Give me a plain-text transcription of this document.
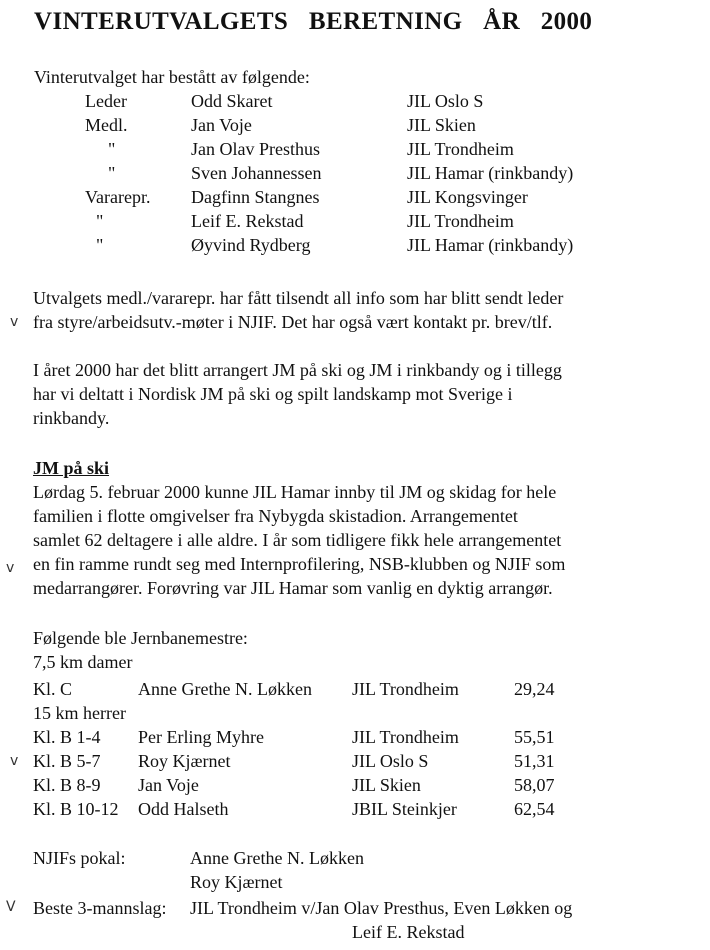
VINTERUTVALGETS BERETNING ÅR 2000
Vinterutvalget har bestått av følgende:
Leder	Odd Skaret	JIL Oslo S
Medl.	Jan Voje	JIL Skien
"	Jan Olav Presthus	JIL Trondheim
"	Sven Johannessen	JIL Hamar (rinkbandy)
Vararepr. Dagfinn Stangnes	JIL Kongsvinger
"	Leif E. Rekstad	JIL Trondheim
"	Øyvind Rydberg	JIL Hamar (rinkbandy)
Utvalgets medl./vararepr. har fått tilsendt all info som har blitt sendt leder
fra styre/arbeidsutv.-møter i NJIF. Det har også vært kontakt pr. brev/tlf.
I året 2000 har det blitt arrangert JM på ski og JM i rinkbandy og i tillegg
har vi deltatt i Nordisk JM på ski og spilt landskamp mot Sverige i
rinkbandy.
JM på ski
Lørdag 5. februar 2000 kunne JIL Hamar innby til JM og skidag for hele
familien i flotte omgivelser fra Nybygda skistadion. Arrangementet
samlet 62 deltagere i alle aldre. I år som tidligere fikk hele arrangementet
en fin ramme rundt seg med Internprofilering, NSB-klubben og NJIF som
medarrangører. Forøvring var JIL Hamar som vanlig en dyktig arrangør.
Følgende ble Jernbanemestre:
7,5 km damer
Kl. C	Anne Grethe N. Løkken JIL Trondheim	29,24
15 km herrer
Kl. B 1-4 Per Erling Myhre	JIL Trondheim	55,51
Kl. B 5-7 Roy Kjærnet	JIL Oslo S	51,31
Kl. B 8-9 Jan Voje	JIL Skien	58,07
Kl. B 10-12 Odd Halseth	JBIL Steinkjer	62,54
NJIFs pokal:	Anne Grethe N. Løkken
Roy Kjærnet
Beste 3-mannslag: JIL Trondheim v/Jan Olav Presthus, Even Løkken og
Leif E. Rekstad
v
v
v
V
